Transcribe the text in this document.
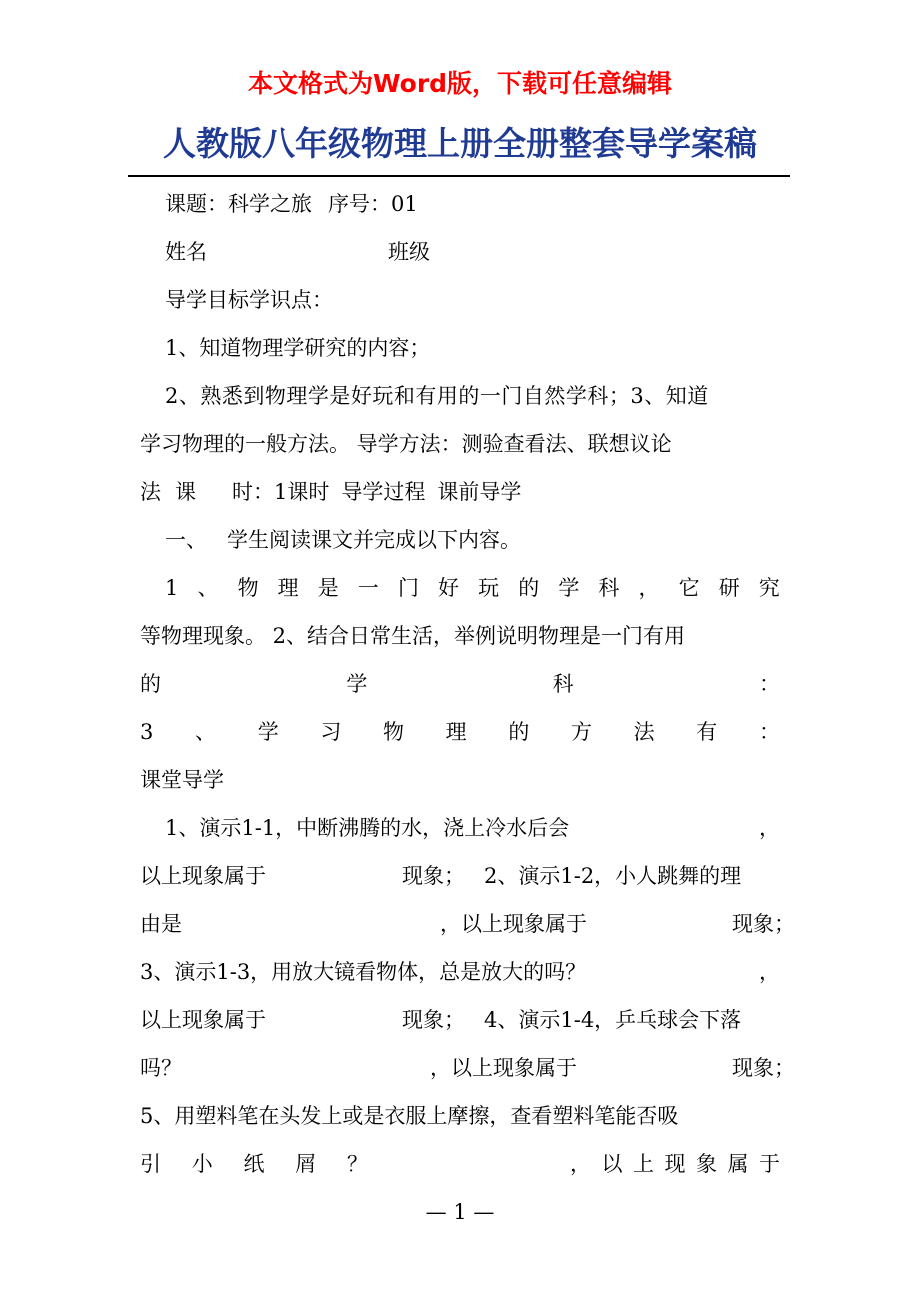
本文格式为Word版，下载可任意编辑
人教版八年级物理上册全册整套导学案稿
课题：科学之旅 序号：01
姓名	班级
导学目标学识点：
1、知道物理学研究的内容；
2、熟悉到物理学是好玩和有用的一门自然学科；3、知道
学习物理的一般方法。 导学方法：测验查看法、联想议论
法 课 时：1课时 导学过程 课前导学
一、 学生阅读课文并完成以下内容。
1 、 物 理 是 一 门 好 玩 的 学 科 ， 它 研 究
等物理现象。 2、结合日常生活，举例说明物理是一门有用
的	学	科	：
3 、 学 习 物 理 的 方 法 有 ：
课堂导学
1、演示1-1，中断沸腾的水，浇上冷水后会	，
以上现象属于	现象； 2、演示1-2，小人跳舞的理
由是	，以上现象属于	现象；
3、演示1-3，用放大镜看物体，总是放大的吗？	，
以上现象属于	现象； 4、演示1-4，乒乓球会下落
吗？	，以上现象属于	现象；
5、用塑料笔在头发上或是衣服上摩擦，查看塑料笔能否吸
引 小 纸 屑 ？	， 以 上 现 象 属 于
— 1 —
